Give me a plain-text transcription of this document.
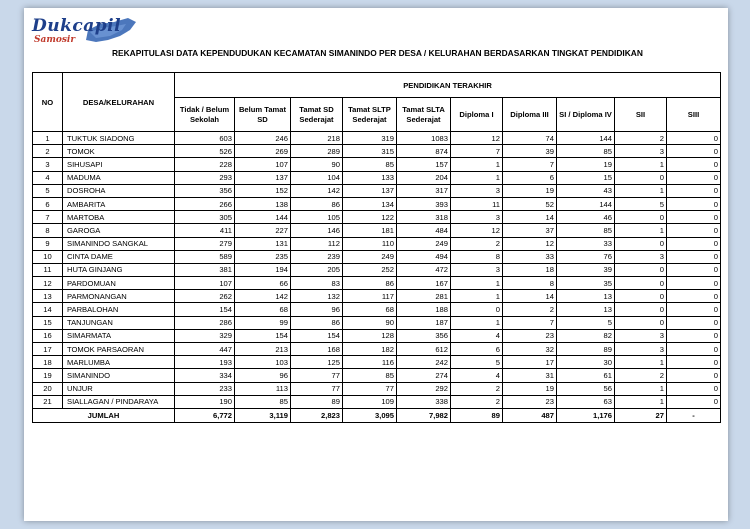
Dukcapil
Samosir
REKAPITULASI DATA KEPENDUDUKAN KECAMATAN SIMANINDO PER DESA / KELURAHAN BERDASARKAN TINGKAT PENDIDIKAN
NO	DESA/KELURAHAN	PENDIDIKAN TERAKHIR									
		Tidak / Belum Sekolah	Belum Tamat SD	Tamat SD Sederajat	Tamat SLTP Sederajat	Tamat SLTA Sederajat	Diploma I	Diploma III	SI / Diploma IV	SII	SIII
1	TUKTUK SIADONG	603	246	218	319	1083	12	74	144	2	0
2	TOMOK	526	269	289	315	874	7	39	85	3	0
3	SIHUSAPI	228	107	90	85	157	1	7	19	1	0
4	MADUMA	293	137	104	133	204	1	6	15	0	0
5	DOSROHA	356	152	142	137	317	3	19	43	1	0
6	AMBARITA	266	138	86	134	393	11	52	144	5	0
7	MARTOBA	305	144	105	122	318	3	14	46	0	0
8	GAROGA	411	227	146	181	484	12	37	85	1	0
9	SIMANINDO SANGKAL	279	131	112	110	249	2	12	33	0	0
10	CINTA DAME	589	235	239	249	494	8	33	76	3	0
11	HUTA GINJANG	381	194	205	252	472	3	18	39	0	0
12	PARDOMUAN	107	66	83	86	167	1	8	35	0	0
13	PARMONANGAN	262	142	132	117	281	1	14	13	0	0
14	PARBALOHAN	154	68	96	68	188	0	2	13	0	0
15	TANJUNGAN	286	99	86	90	187	1	7	5	0	0
16	SIMARMATA	329	154	154	128	356	4	23	82	3	0
17	TOMOK PARSAORAN	447	213	168	182	612	6	32	89	3	0
18	MARLUMBA	193	103	125	116	242	5	17	30	1	0
19	SIMANINDO	334	96	77	85	274	4	31	61	2	0
20	UNJUR	233	113	77	77	292	2	19	56	1	0
21	SIALLAGAN / PINDARAYA	190	85	89	109	338	2	23	63	1	0
JUMLAH		6,772	3,119	2,823	3,095	7,982	89	487	1,176	27	-
